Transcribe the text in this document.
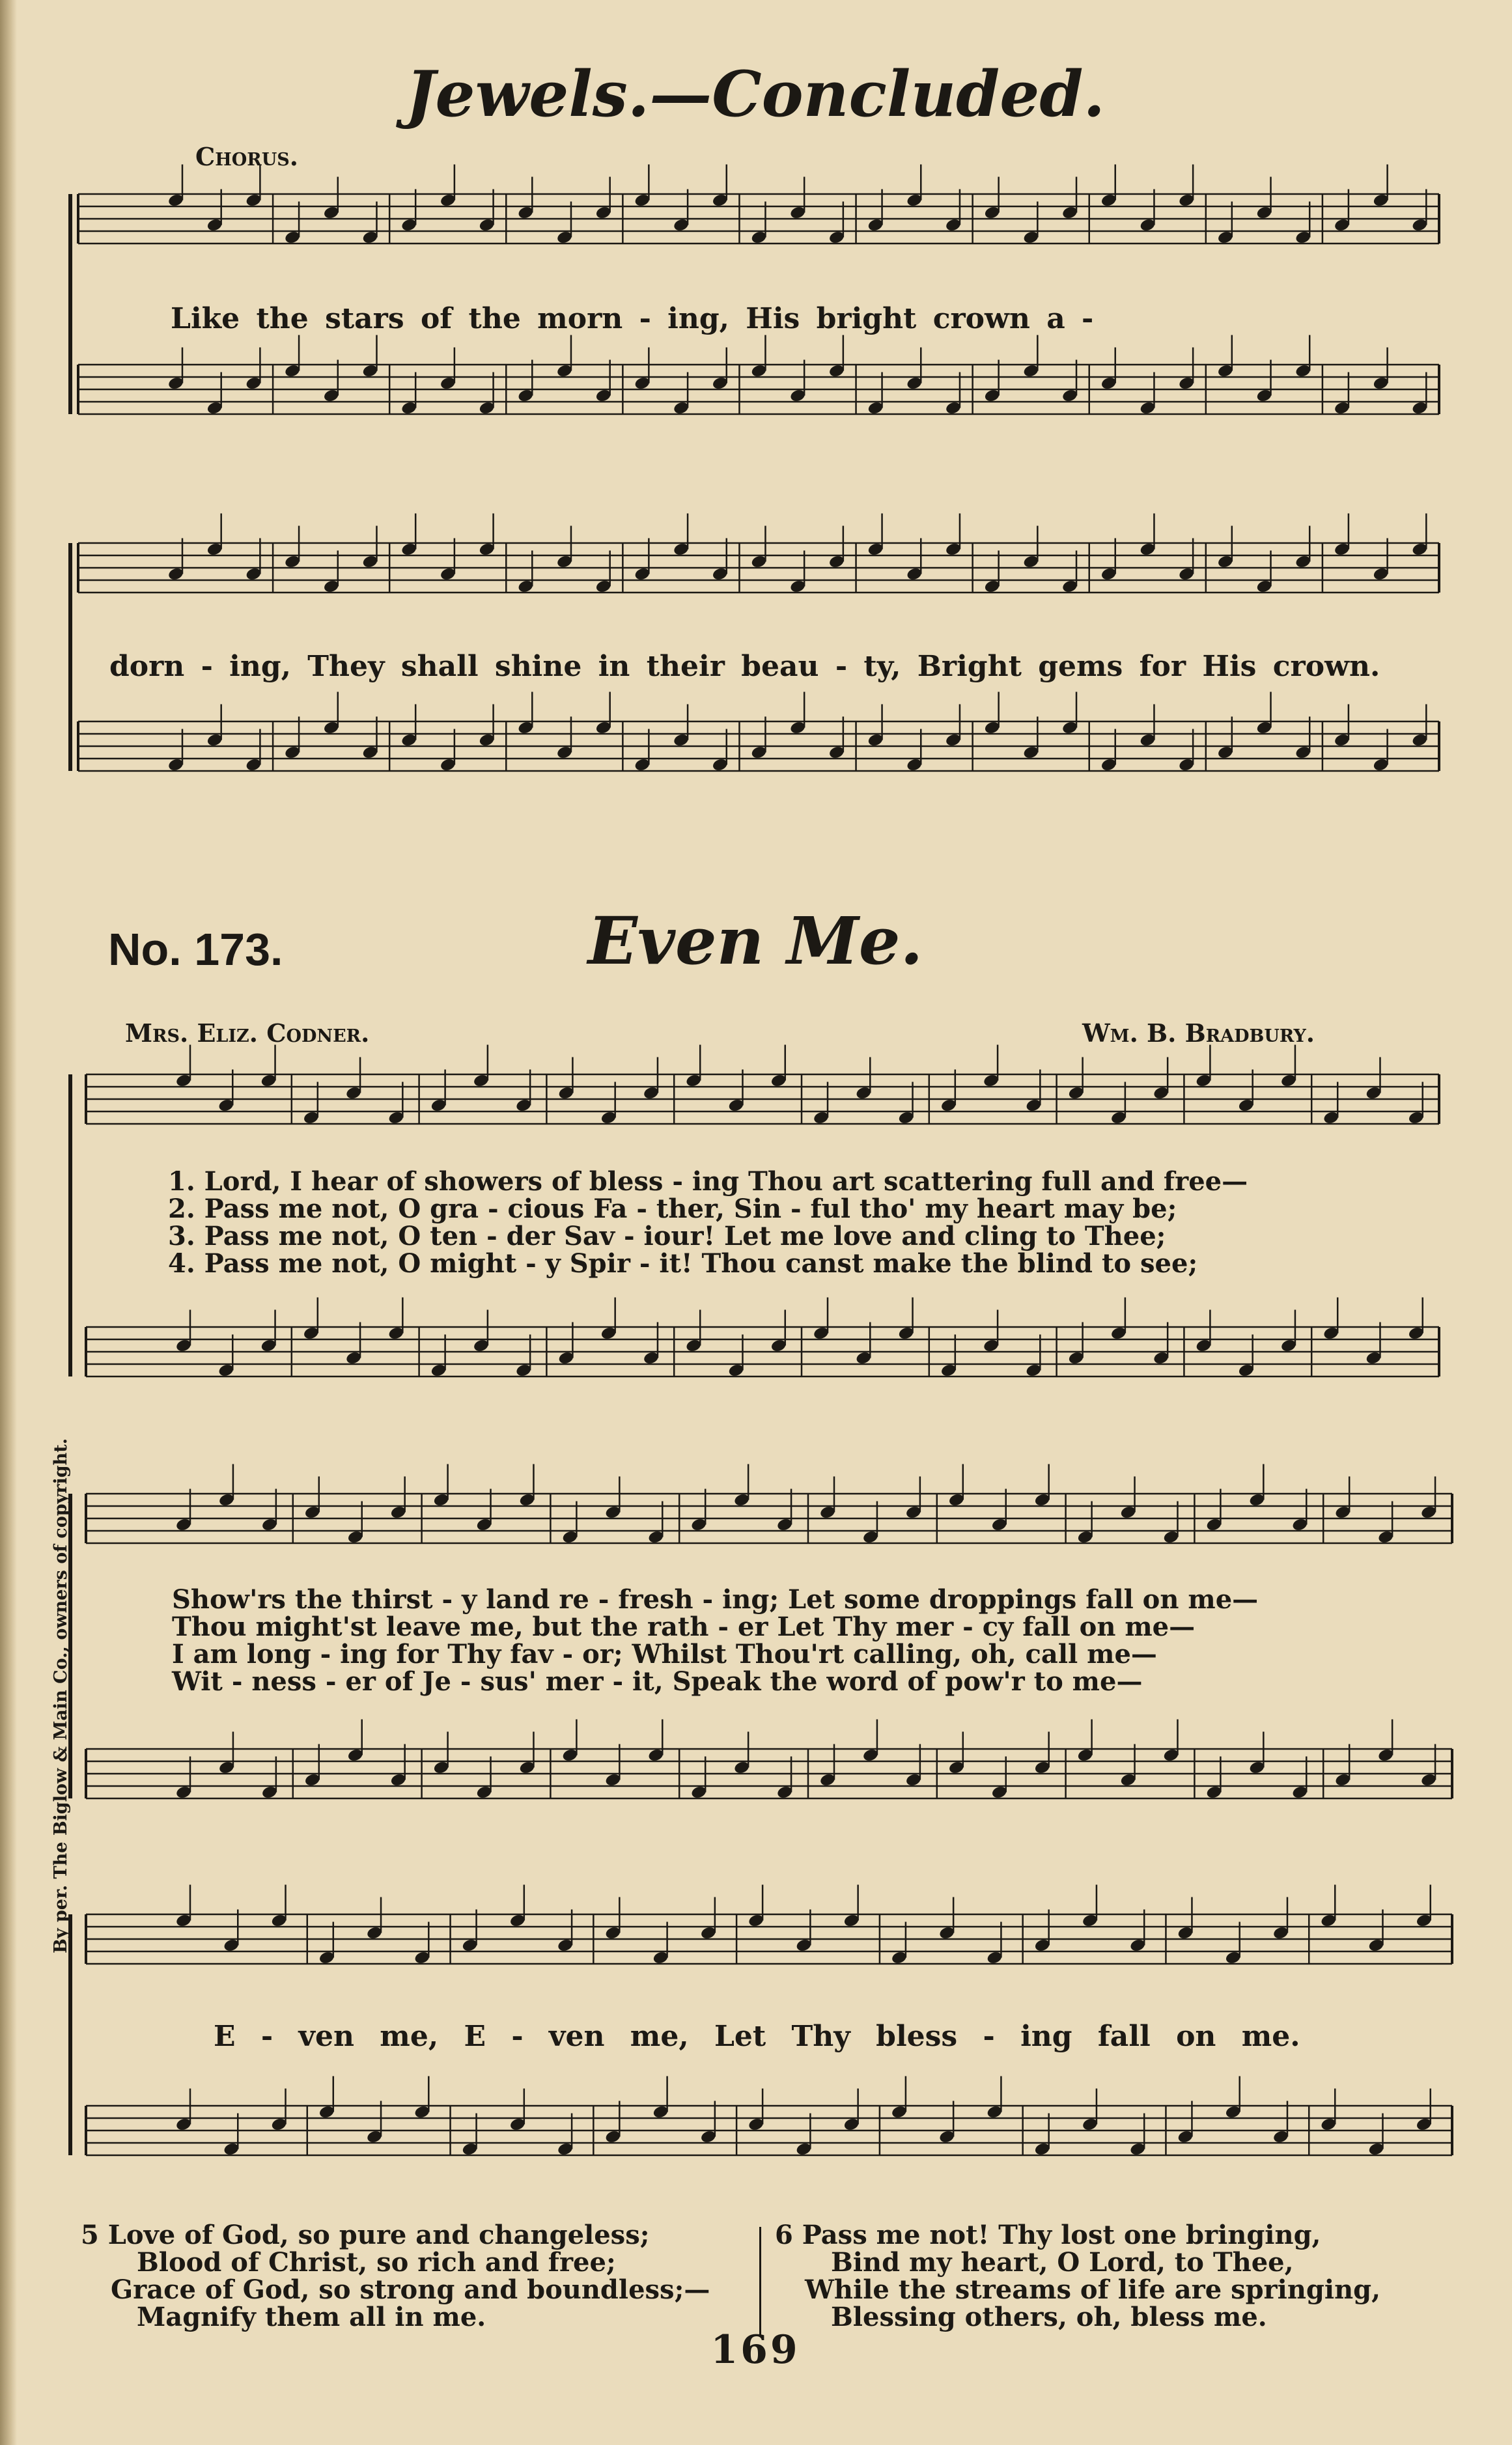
Jewels.—Concluded.
Chorus.
Like the stars of the morn - ing, His bright crown a -
dorn - ing, They shall shine in their beau - ty, Bright gems for His crown.
No. 173.	Even Me.
Mrs. Eliz. Codner.	Wm. B. Bradbury.
1. Lord, I hear of showers of bless - ing Thou art scattering full and free—
2. Pass me not, O gra - cious Fa - ther, Sin - ful tho' my heart may be;
3. Pass me not, O ten - der Sav - iour! Let me love and cling to Thee;
4. Pass me not, O might - y Spir - it! Thou canst make the blind to see;
Show'rs the thirst - y land re - fresh - ing; Let some droppings fall on me—
Thou might'st leave me, but the rath - er Let Thy mer - cy fall on me—
I am long - ing for Thy fav - or; Whilst Thou'rt calling, oh, call me—
Wit - ness - er of Je - sus' mer - it, Speak the word of pow'r to me—
E - ven me, E - ven me, Let Thy bless - ing fall on me.
By per. The Biglow & Main Co., owners of copyright.
5 Love of God, so pure and changeless;
Blood of Christ, so rich and free;
Grace of God, so strong and boundless;—
Magnify them all in me.
6 Pass me not! Thy lost one bringing,
Bind my heart, O Lord, to Thee,
While the streams of life are springing,
Blessing others, oh, bless me.
169
